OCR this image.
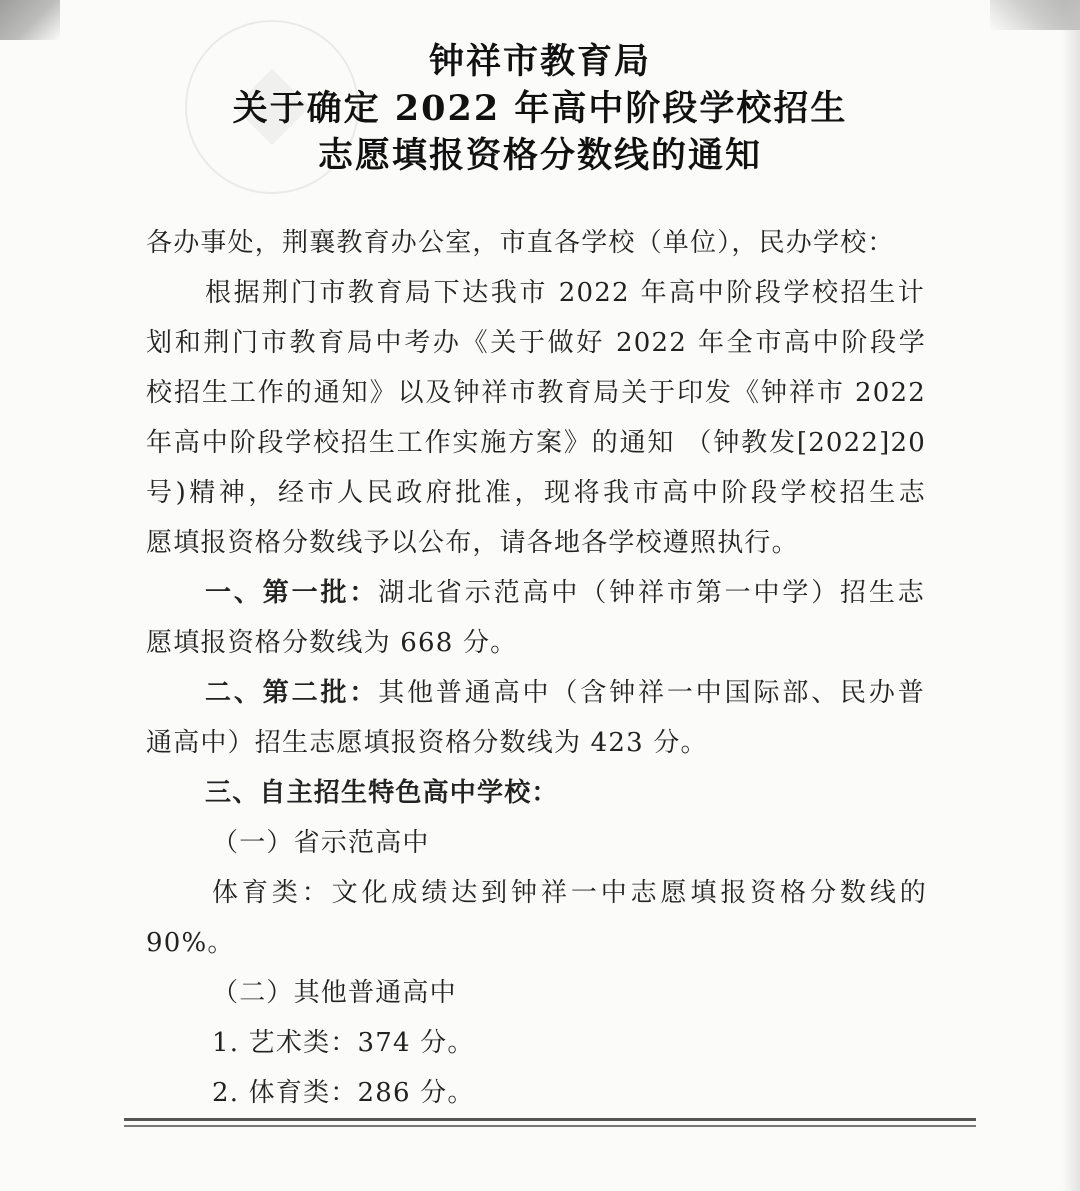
钟祥市教育局
关于确定 2022 年高中阶段学校招生
志愿填报资格分数线的通知
各办事处，荆襄教育办公室，市直各学校（单位），民办学校：
根据荆门市教育局下达我市 2022 年高中阶段学校招生计
划和荆门市教育局中考办《关于做好 2022 年全市高中阶段学
校招生工作的通知》以及钟祥市教育局关于印发《钟祥市 2022
年高中阶段学校招生工作实施方案》的通知 （钟教发[2022]20
号)精神，经市人民政府批准，现将我市高中阶段学校招生志
愿填报资格分数线予以公布，请各地各学校遵照执行。
一、第一批：湖北省示范高中（钟祥市第一中学）招生志
愿填报资格分数线为 668 分。
二、第二批：其他普通高中（含钟祥一中国际部、民办普
通高中）招生志愿填报资格分数线为 423 分。
三、自主招生特色高中学校：
（一）省示范高中
体育类：文化成绩达到钟祥一中志愿填报资格分数线的
90%。
（二）其他普通高中
1. 艺术类：374 分。
2. 体育类：286 分。
